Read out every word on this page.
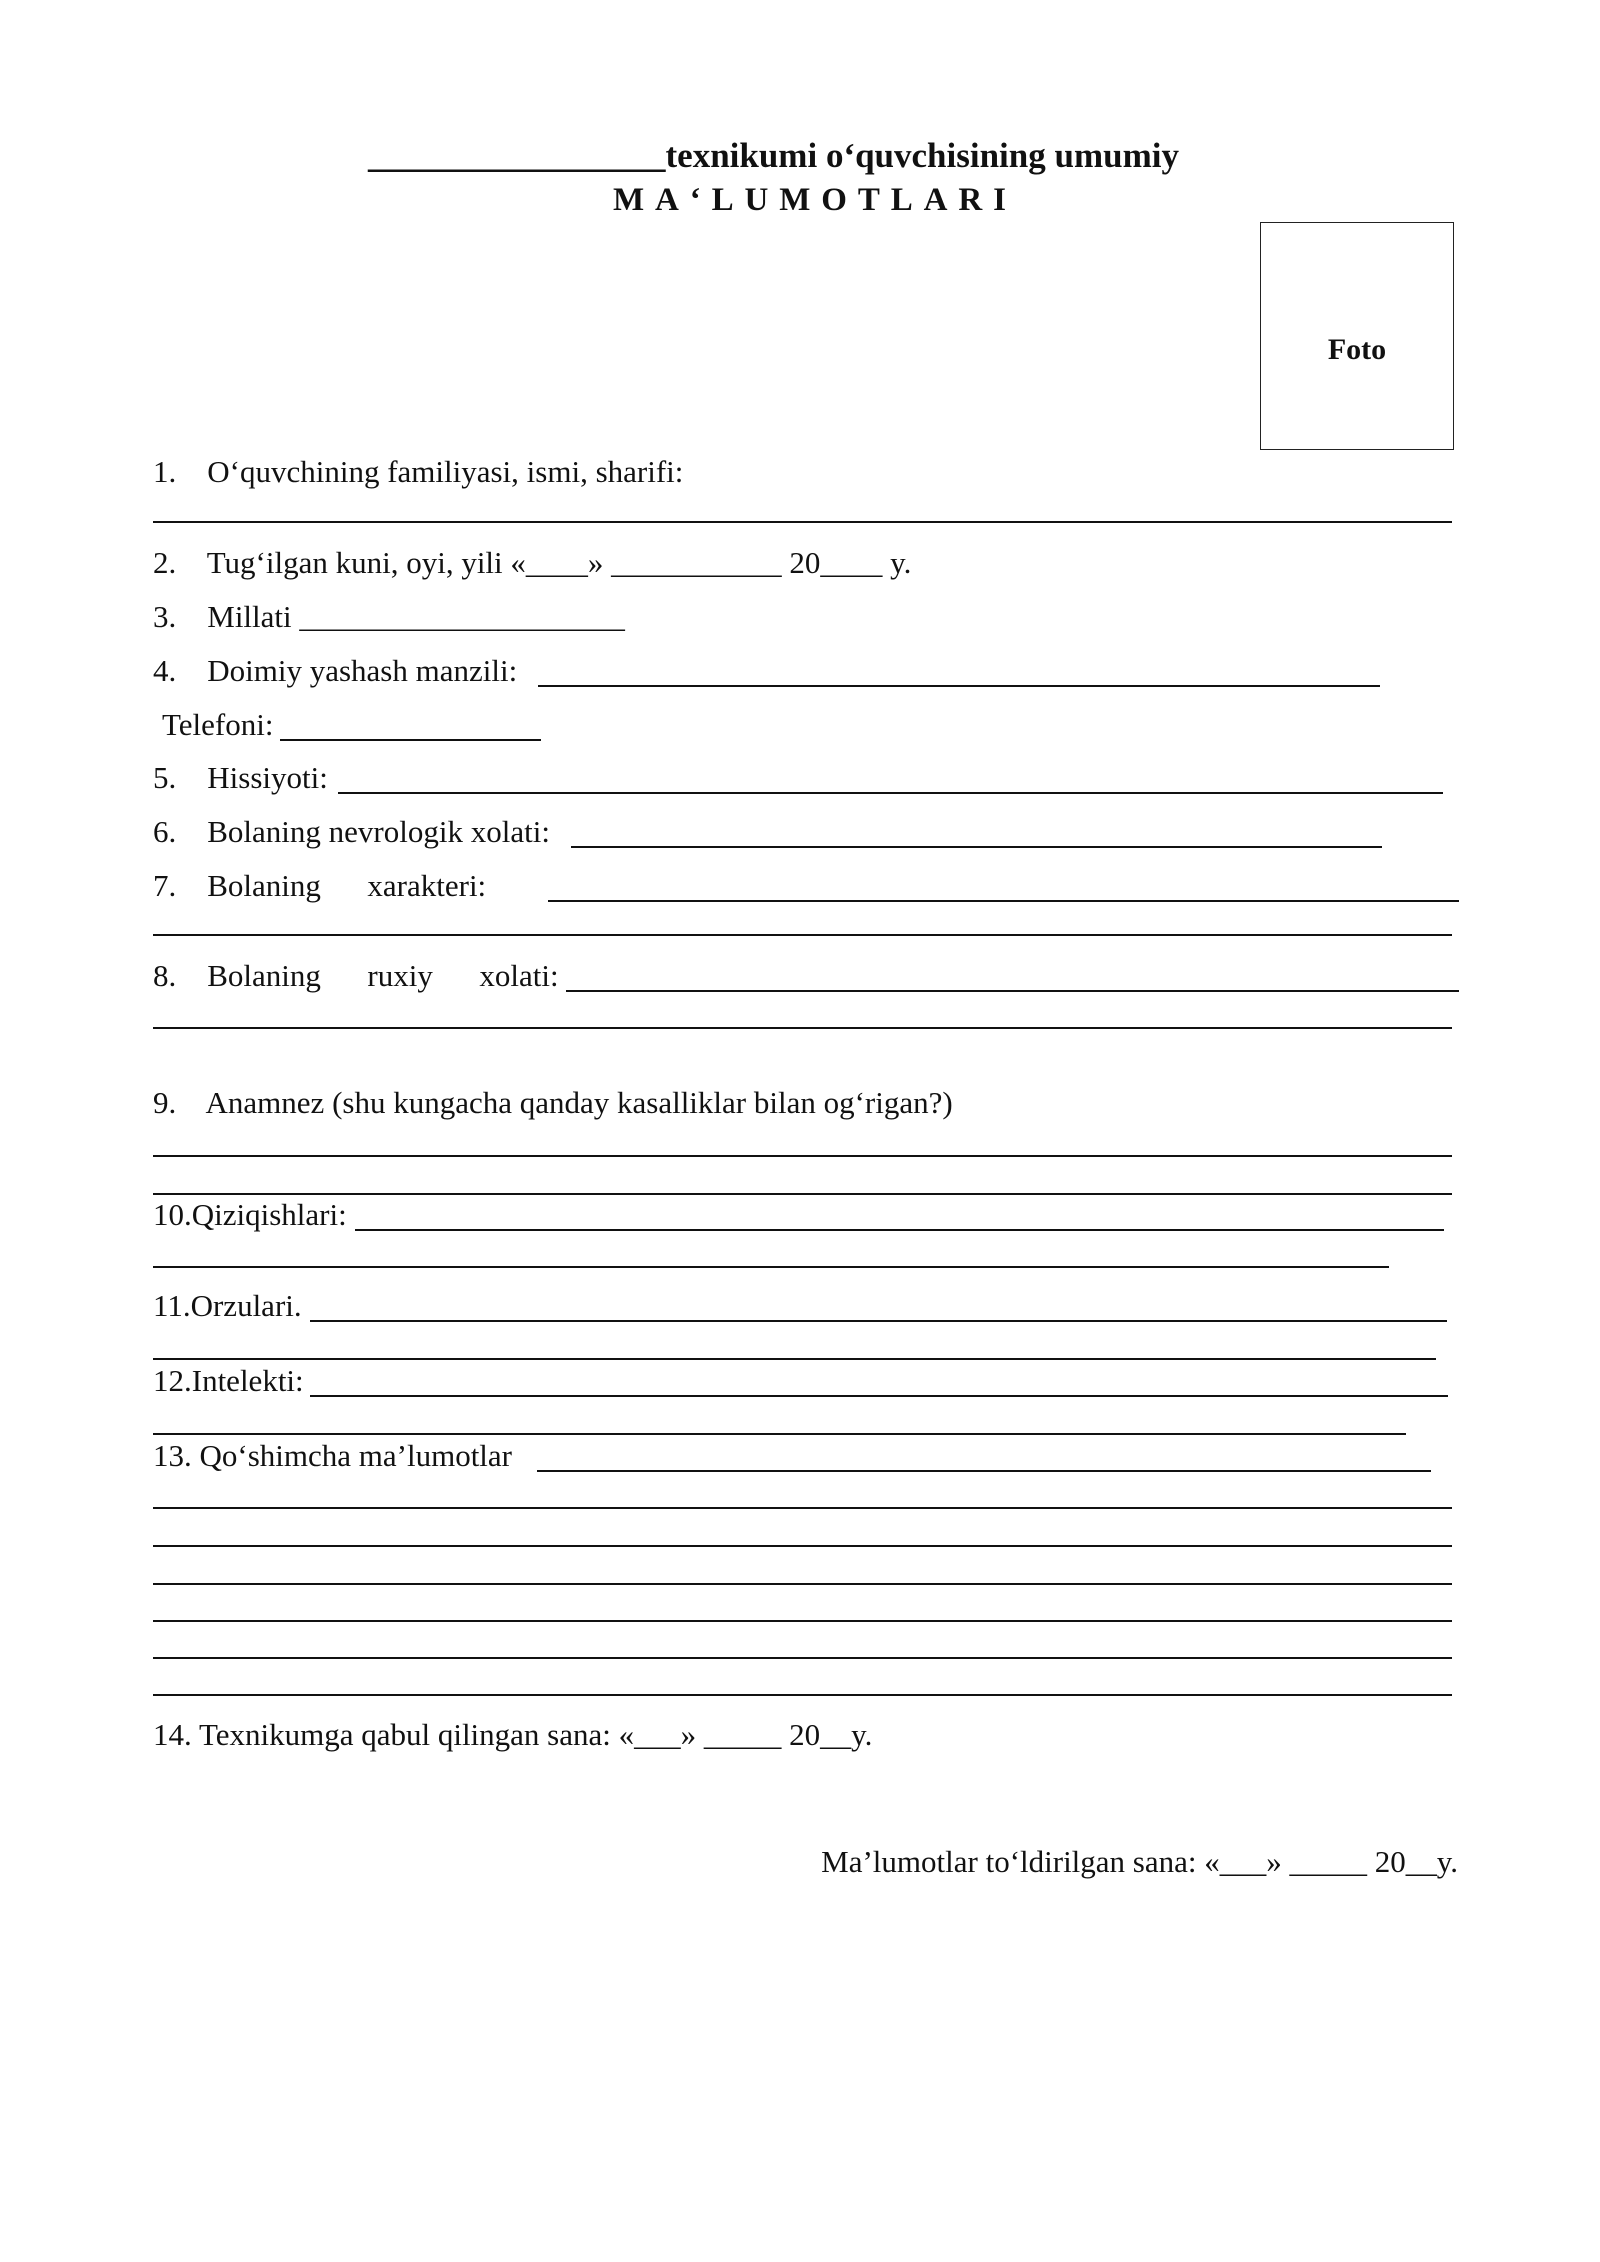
_________________texnikumi o‘quvchisining umumiy
MA‘LUMOTLARI
Foto
1.    O‘quvchining familiyasi, ismi, sharifi:
2.    Tug‘ilgan kuni, oyi, yili «____» ___________ 20____ y.
3.    Millati _____________________
4.    Doimiy yashash manzili:
Telefoni:
5.    Hissiyoti:
6.    Bolaning nevrologik xolati:
7.    Bolaning      xarakteri:
8.    Bolaning      ruxiy      xolati:
9.    Anamnez (shu kungacha qanday kasalliklar bilan og‘rigan?)
10.Qiziqishlari:
11.Orzulari.
12.Intelekti:
13. Qo‘shimcha ma’lumotlar
14. Texnikumga qabul qilingan sana: «___» _____ 20__y.
Ma’lumotlar to‘ldirilgan sana: «___» _____ 20__y.
